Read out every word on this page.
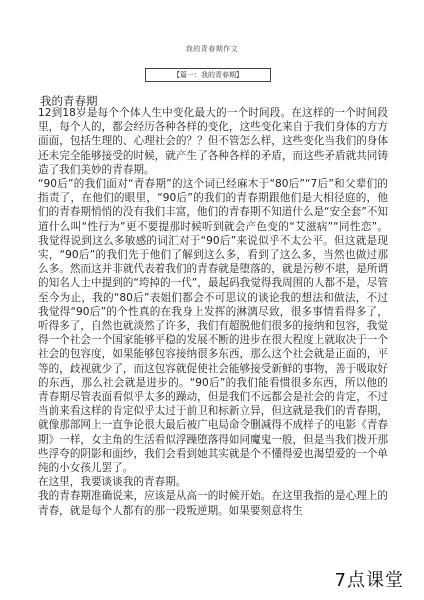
我的青春期作文
【篇一：我的青春期】
我的青春期

12到18岁是每个个体人生中变化最大的一个时间段。在这样的一个时间段里，每个人的，都会经历各种各样的变化，这些变化来自于我们身体的方方面面，包括生理的、心理社会的？？但不管怎么样，这些变化当我们的身体还未完全能够接受的时候，就产生了各种各样的矛盾，而这些矛盾就共同铸造了我们美妙的青春期。

“90后”的我们面对“青春期”的这个词已经麻木于“80后”“7后”和父辈们的指责了，在他们的眼里，“90后”的我们的青春期跟他们是大相径庭的，他们的青春期悄悄的没有我们丰富，他们的青春期不知道什么是“安全套”不知道什么叫“性行为”更不要提那时候听到就会产色变的“艾滋病”“同性恋”。我觉得说到这么多敏感的词汇对于“90后”来说似乎不太公平。但这就是现实，“90后”的我们先于他们了解到这么多，看到了这么多，当然也做过那么多。然而这并非就代表着我们的青春就是堕落的，就是污秽不堪，是所谓的知名人士中提到的“垮掉的一代”，最起码我觉得我周围的人都不是，尽管至今为止，我的“80后”表姐们都会不可思议的谈论我的想法和做法，不过我觉得“90后”的个性真的在我身上发挥的淋漓尽致，很多事情看得多了，听得多了，自然也就淡然了许多，我们有超脱他们很多的接纳和包容，我觉得一个社会一个国家能够平稳的发展不断的进步在很大程度上就取决于一个社会的包容度，如果能够包容接纳很多东西，那么这个社会就是正面的，平等的，歧视就少了，而这包容就促使社会能够接受新鲜的事物，善于吸取好的东西，那么社会就是进步的。“90后”的我们能看惯很多东西，所以他的青春期尽管表面看似乎太多的躁动，但是我们不远都会是社会的肯定，不过当前来看这样的肯定似乎太过于前卫和标新立异，但这就是我们的青春期，就像那部网上一直争论很大最后被广电局命令删减得不成样子的电影《青春期》一样，女主角的生活看似浮躁堕落得如同魔鬼一般，但是当我们拨开那些浮夸的阴影和面纱，我们会看到她其实就是个不懂得爱也渴望爱的一个单纯的小女孩儿罢了。

在这里，我要谈谈我的青春期。

我的青春期准确说来，应该是从高一的时候开始。在这里我指的是心理上的青春，就是每个人都有的那一段叛逆期。如果要刻意将生

7点课堂
